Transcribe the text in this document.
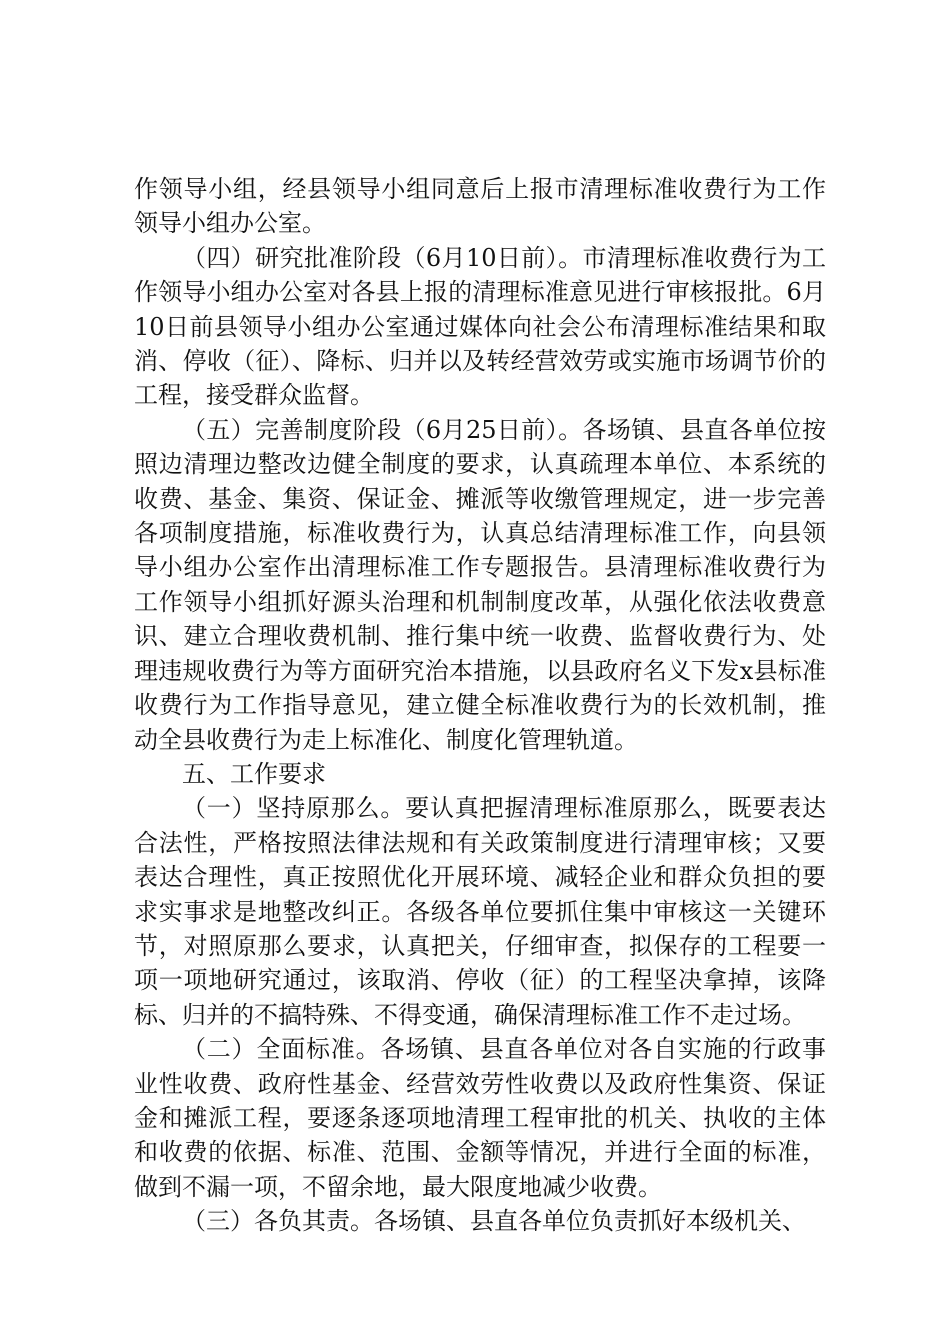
作领导小组，经县领导小组同意后上报市清理标准收费行为工作领导小组办公室。

（四）研究批准阶段（6月10日前）。市清理标准收费行为工作领导小组办公室对各县上报的清理标准意见进行审核报批。6月10日前县领导小组办公室通过媒体向社会公布清理标准结果和取消、停收（征）、降标、归并以及转经营效劳或实施市场调节价的工程，接受群众监督。

（五）完善制度阶段（6月25日前）。各场镇、县直各单位按照边清理边整改边健全制度的要求，认真疏理本单位、本系统的收费、基金、集资、保证金、摊派等收缴管理规定，进一步完善各项制度措施，标准收费行为，认真总结清理标准工作，向县领导小组办公室作出清理标准工作专题报告。县清理标准收费行为工作领导小组抓好源头治理和机制制度改革，从强化依法收费意识、建立合理收费机制、推行集中统一收费、监督收费行为、处理违规收费行为等方面研究治本措施，以县政府名义下发x县标准收费行为工作指导意见，建立健全标准收费行为的长效机制，推动全县收费行为走上标准化、制度化管理轨道。

五、工作要求

（一）坚持原那么。要认真把握清理标准原那么，既要表达合法性，严格按照法律法规和有关政策制度进行清理审核；又要表达合理性，真正按照优化开展环境、减轻企业和群众负担的要求实事求是地整改纠正。各级各单位要抓住集中审核这一关键环节，对照原那么要求，认真把关，仔细审查，拟保存的工程要一项一项地研究通过，该取消、停收（征）的工程坚决拿掉，该降标、归并的不搞特殊、不得变通，确保清理标准工作不走过场。

（二）全面标准。各场镇、县直各单位对各自实施的行政事业性收费、政府性基金、经营效劳性收费以及政府性集资、保证金和摊派工程，要逐条逐项地清理工程审批的机关、执收的主体和收费的依据、标准、范围、金额等情况，并进行全面的标准，做到不漏一项，不留余地，最大限度地减少收费。

（三）各负其责。各场镇、县直各单位负责抓好本级机关、
